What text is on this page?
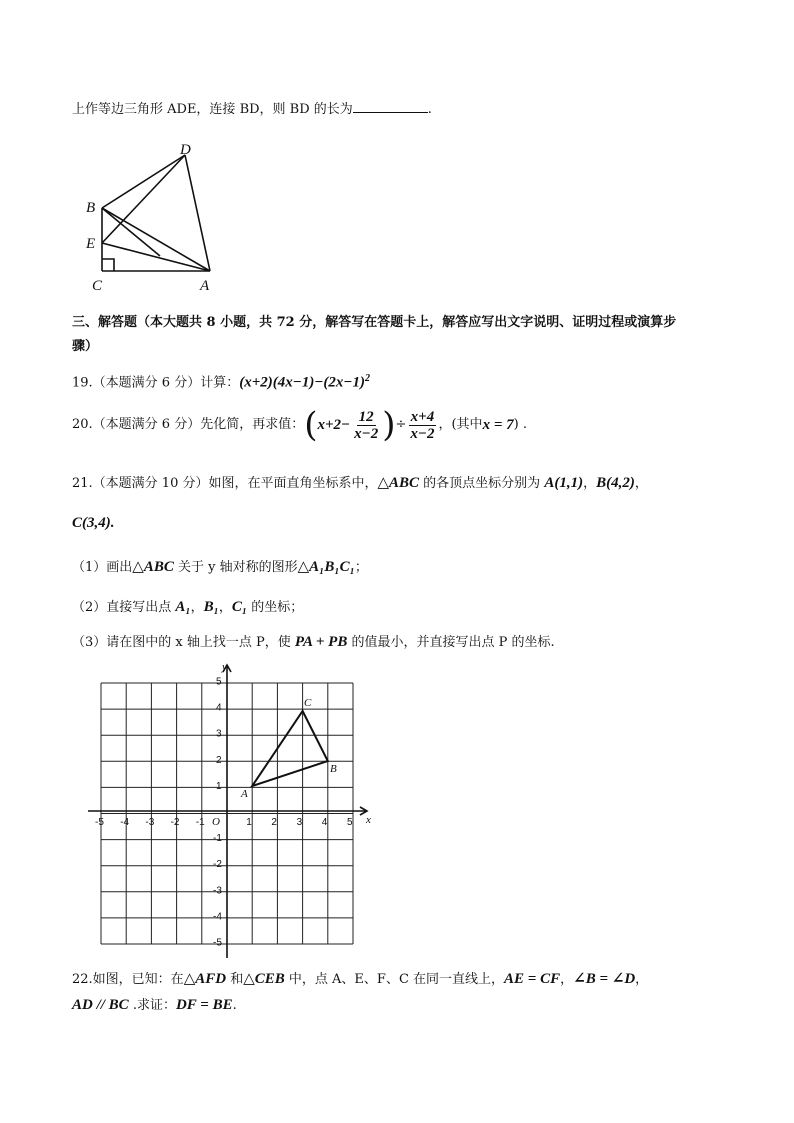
上作等边三角形 ADE，连接 BD，则 BD 的长为	.
D
B
E
C	A
三、解答题（本大题共 8 小题，共 72 分，解答写在答题卡上，解答应写出文字说明、证明过程或演算步
骤）
19.（本题满分 6 分）计算：$(x+2)(4x-1)-(2x-1)^2$
20.（本题满分 6 分）先化简，再求值： ( $x+2- \frac{12}{x-2}$ ) ÷ $\frac{x+4}{x-2}$ ，(其中 x = 7 ) .
21.（本题满分 10 分）如图，在平面直角坐标系中，△ABC 的各顶点坐标分别为 A(1,1)，B(4,2)，
C(3,4).
（1）画出△ABC 关于 y 轴对称的图形△A₁B₁C₁；
（2）直接写出点 A₁，B₁，C₁ 的坐标；
（3）请在图中的 x 轴上找一点 P，使 PA + PB 的值最小，并直接写出点 P 的坐标.
-5 -4 -3 -2 -1 O	1 2 3 4 5
5
4
3
2
1
-1
-2
-3
-4
-5
x
y
A
B
C
22.如图，已知：在△AFD 和△CEB 中，点 A、E、F、C 在同一直线上，AE = CF，∠B = ∠D，
AD // BC .求证：DF = BE.
